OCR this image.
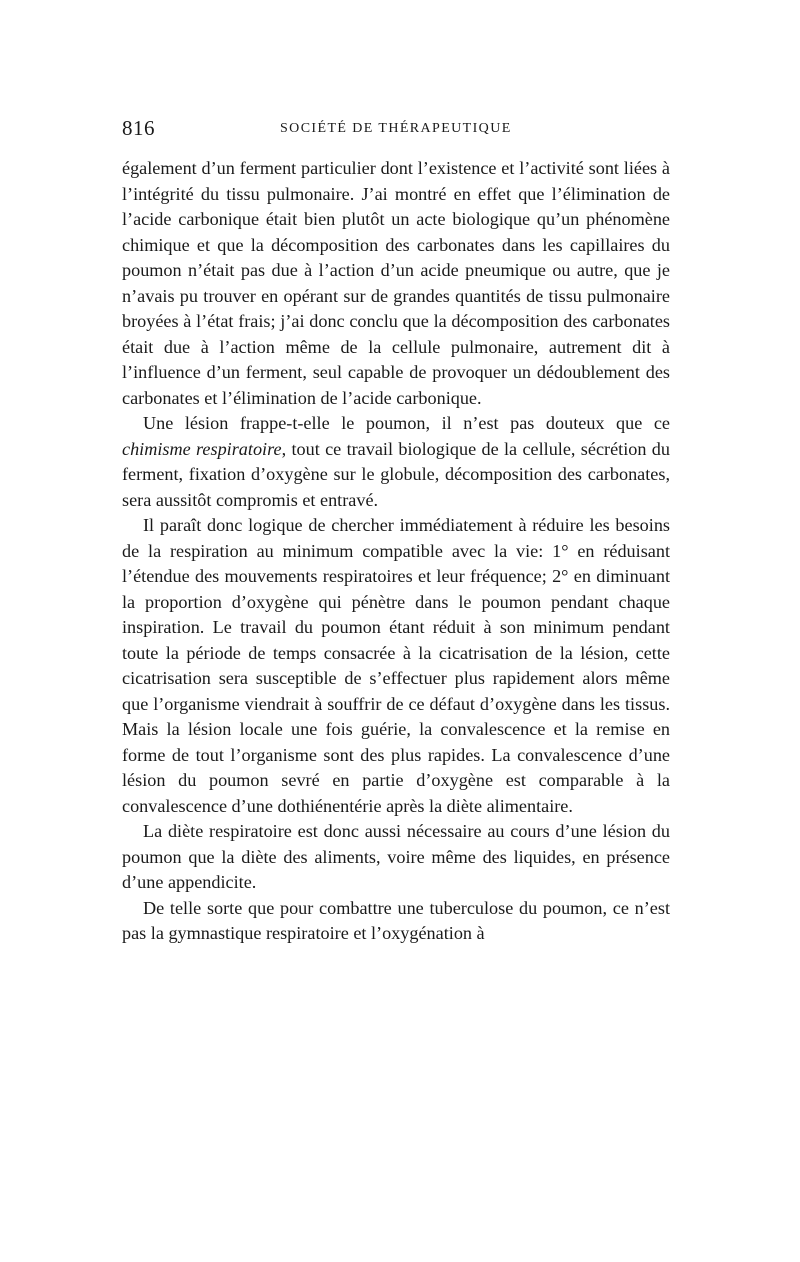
816	SOCIÉTÉ DE THÉRAPEUTIQUE

également d’un ferment particulier dont l’existence et l’activité sont liées à l’intégrité du tissu pulmonaire. J’ai montré en effet que l’élimination de l’acide carbonique était bien plutôt un acte biologique qu’un phénomène chimique et que la décomposition des carbonates dans les capillaires du poumon n’était pas due à l’action d’un acide pneumique ou autre, que je n’avais pu trouver en opérant sur de grandes quantités de tissu pulmonaire broyées à l’état frais; j’ai donc conclu que la décomposition des carbonates était due à l’action même de la cellule pulmonaire, autrement dit à l’influence d’un ferment, seul capable de provoquer un dédoublement des carbonates et l’élimination de l’acide carbonique.

Une lésion frappe-t-elle le poumon, il n’est pas douteux que ce chimisme respiratoire, tout ce travail biologique de la cellule, sécrétion du ferment, fixation d’oxygène sur le globule, décomposition des carbonates, sera aussitôt compromis et entravé.

Il paraît donc logique de chercher immédiatement à réduire les besoins de la respiration au minimum compatible avec la vie: 1° en réduisant l’étendue des mouvements respiratoires et leur fréquence; 2° en diminuant la proportion d’oxygène qui pénètre dans le poumon pendant chaque inspiration. Le travail du poumon étant réduit à son minimum pendant toute la période de temps consacrée à la cicatrisation de la lésion, cette cicatrisation sera susceptible de s’effectuer plus rapidement alors même que l’organisme viendrait à souffrir de ce défaut d’oxygène dans les tissus. Mais la lésion locale une fois guérie, la convalescence et la remise en forme de tout l’organisme sont des plus rapides. La convalescence d’une lésion du poumon sevré en partie d’oxygène est comparable à la convalescence d’une dothiénentérie après la diète alimentaire.

La diète respiratoire est donc aussi nécessaire au cours d’une lésion du poumon que la diète des aliments, voire même des liquides, en présence d’une appendicite.

De telle sorte que pour combattre une tuberculose du poumon, ce n’est pas la gymnastique respiratoire et l’oxygénation à
